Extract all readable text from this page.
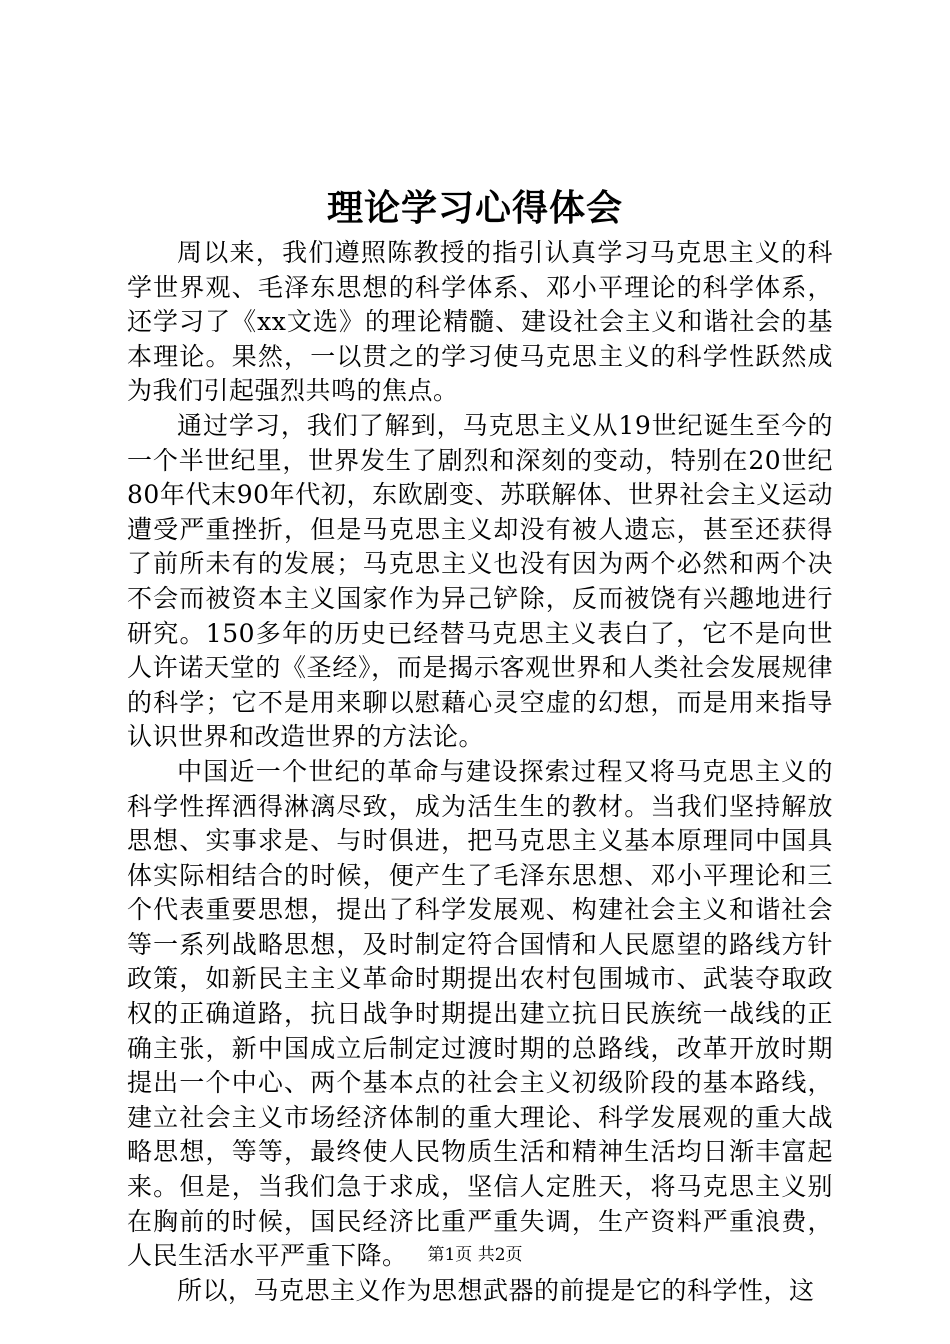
理论学习心得体会

周以来，我们遵照陈教授的指引认真学习马克思主义的科学世界观、毛泽东思想的科学体系、邓小平理论的科学体系，还学习了《xx文选》的理论精髓、建设社会主义和谐社会的基本理论。果然，一以贯之的学习使马克思主义的科学性跃然成为我们引起强烈共鸣的焦点。

通过学习，我们了解到，马克思主义从19世纪诞生至今的一个半世纪里，世界发生了剧烈和深刻的变动，特别在20世纪80年代末90年代初，东欧剧变、苏联解体、世界社会主义运动遭受严重挫折，但是马克思主义却没有被人遗忘，甚至还获得了前所未有的发展；马克思主义也没有因为两个必然和两个决不会而被资本主义国家作为异己铲除，反而被饶有兴趣地进行研究。150多年的历史已经替马克思主义表白了，它不是向世人许诺天堂的《圣经》，而是揭示客观世界和人类社会发展规律的科学；它不是用来聊以慰藉心灵空虚的幻想，而是用来指导认识世界和改造世界的方法论。

中国近一个世纪的革命与建设探索过程又将马克思主义的科学性挥洒得淋漓尽致，成为活生生的教材。当我们坚持解放思想、实事求是、与时俱进，把马克思主义基本原理同中国具体实际相结合的时候，便产生了毛泽东思想、邓小平理论和三个代表重要思想，提出了科学发展观、构建社会主义和谐社会等一系列战略思想，及时制定符合国情和人民愿望的路线方针政策，如新民主主义革命时期提出农村包围城市、武装夺取政权的正确道路，抗日战争时期提出建立抗日民族统一战线的正确主张，新中国成立后制定过渡时期的总路线，改革开放时期提出一个中心、两个基本点的社会主义初级阶段的基本路线，建立社会主义市场经济体制的重大理论、科学发展观的重大战略思想，等等，最终使人民物质生活和精神生活均日渐丰富起来。但是，当我们急于求成，坚信人定胜天，将马克思主义别在胸前的时候，国民经济比重严重失调，生产资料严重浪费，人民生活水平严重下降。

所以，马克思主义作为思想武器的前提是它的科学性，这

第1页 共2页
